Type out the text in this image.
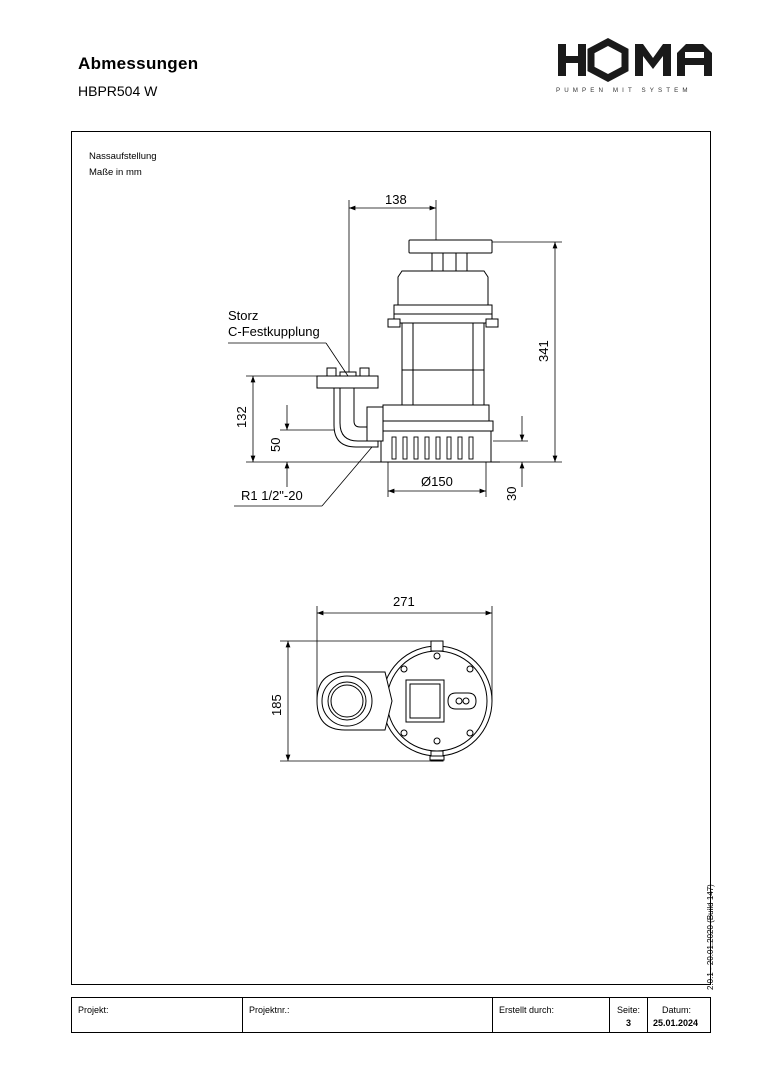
Abmessungen
HBPR504 W	PUMPEN MIT SYSTEM
Nassaufstellung
Maße in mm
138
341
132
50
Ø150
30
Storz
C-Festkupplung
R1 1/2"-20
271
185
2.0.1 - 20.01.2020 (Build 147)
Projekt:	Projektnr.:	Erstellt durch:	Seite:
3
Datum:
25.01.2024
